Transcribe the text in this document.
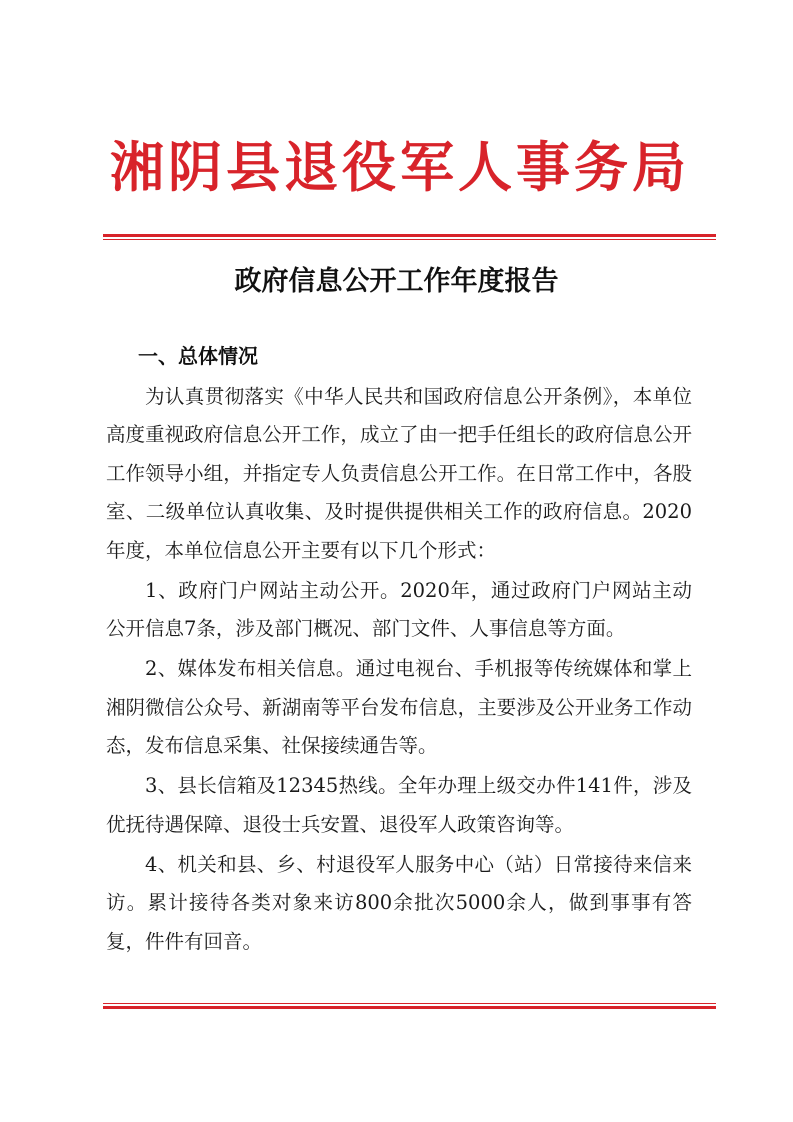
湘阴县退役军人事务局
政府信息公开工作年度报告
一、总体情况

为认真贯彻落实《中华人民共和国政府信息公开条例》，本单位高度重视政府信息公开工作，成立了由一把手任组长的政府信息公开工作领导小组，并指定专人负责信息公开工作。在日常工作中，各股室、二级单位认真收集、及时提供提供相关工作的政府信息。2020年度，本单位信息公开主要有以下几个形式：

1、政府门户网站主动公开。2020年，通过政府门户网站主动公开信息7条，涉及部门概况、部门文件、人事信息等方面。

2、媒体发布相关信息。通过电视台、手机报等传统媒体和掌上湘阴微信公众号、新湖南等平台发布信息，主要涉及公开业务工作动态，发布信息采集、社保接续通告等。

3、县长信箱及12345热线。全年办理上级交办件141件，涉及优抚待遇保障、退役士兵安置、退役军人政策咨询等。

4、机关和县、乡、村退役军人服务中心（站）日常接待来信来访。累计接待各类对象来访800余批次5000余人，做到事事有答复，件件有回音。
